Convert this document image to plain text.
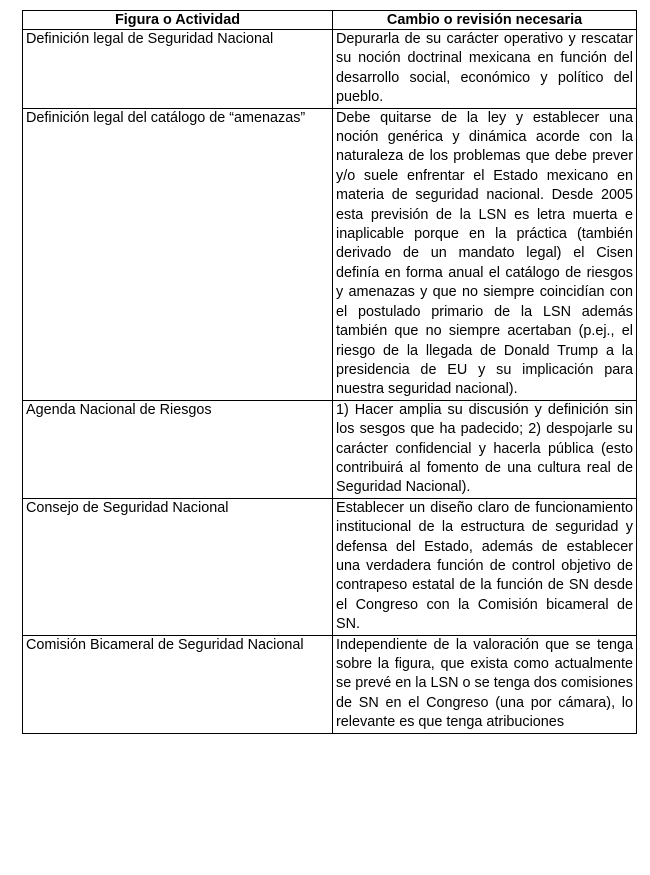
Figura o Actividad	Cambio o revisión necesaria
Definición legal de Seguridad Nacional	Depurarla de su carácter operativo y rescatar su noción doctrinal mexicana en función del desarrollo social, económico y político del pueblo.
Definición legal del catálogo de “amenazas”	Debe quitarse de la ley y establecer una noción genérica y dinámica acorde con la naturaleza de los problemas que debe prever y/o suele enfrentar el Estado mexicano en materia de seguridad nacional. Desde 2005 esta previsión de la LSN es letra muerta e inaplicable porque en la práctica (también derivado de un mandato legal) el Cisen definía en forma anual el catálogo de riesgos y amenazas y que no siempre coincidían con el postulado primario de la LSN además también que no siempre acertaban (p.ej., el riesgo de la llegada de Donald Trump a la presidencia de EU y su implicación para nuestra seguridad nacional).
Agenda Nacional de Riesgos	1) Hacer amplia su discusión y definición sin los sesgos que ha padecido; 2) despojarle su carácter confidencial y hacerla pública (esto contribuirá al fomento de una cultura real de Seguridad Nacional).
Consejo de Seguridad Nacional	Establecer un diseño claro de funcionamiento institucional de la estructura de seguridad y defensa del Estado, además de establecer una verdadera función de control objetivo de contrapeso estatal de la función de SN desde el Congreso con la Comisión bicameral de SN.
Comisión Bicameral de Seguridad Nacional	Independiente de la valoración que se tenga sobre la figura, que exista como actualmente se prevé en la LSN o se tenga dos comisiones de SN en el Congreso (una por cámara), lo relevante es que tenga atribuciones
